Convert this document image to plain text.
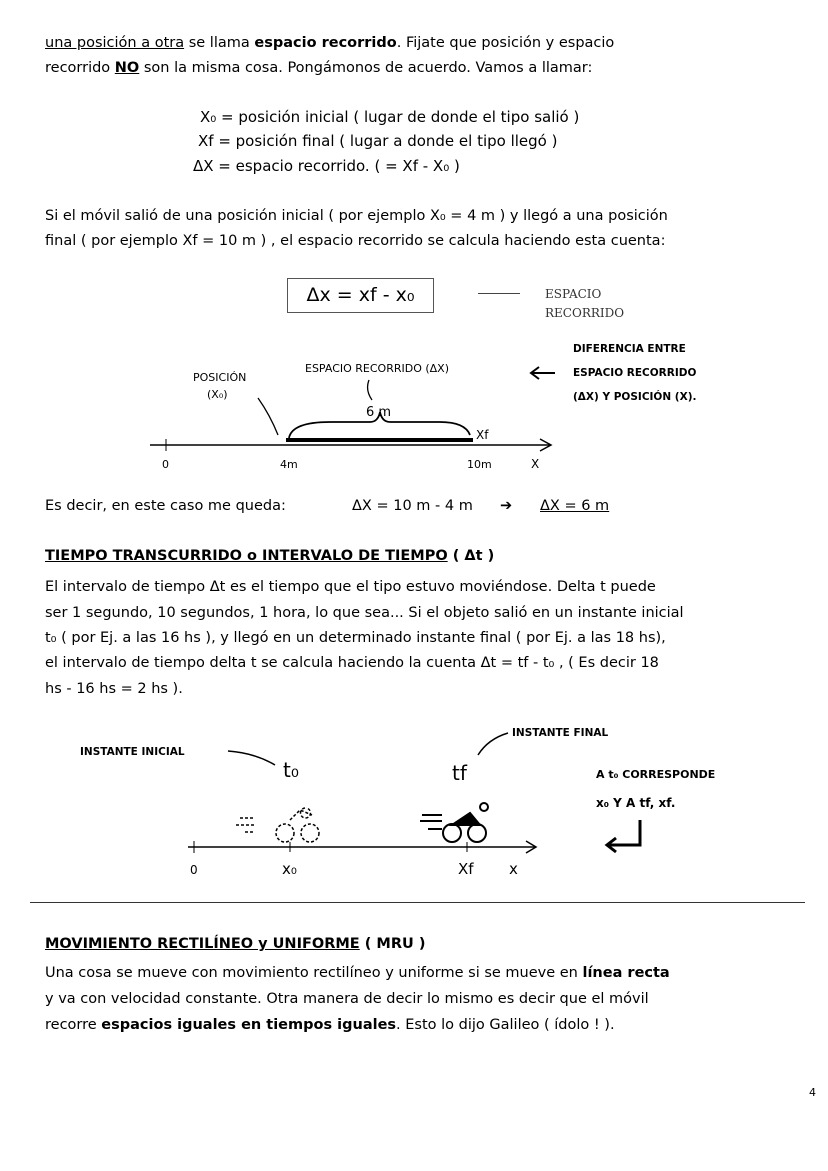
una posición a otra se llama espacio recorrido. Fijate que posición y espacio
recorrido NO son la misma cosa. Pongámonos de acuerdo. Vamos a llamar:
X₀ = posición inicial ( lugar de donde el tipo salió )
Xf = posición final ( lugar a donde el tipo llegó )
ΔX = espacio recorrido. ( = Xf - X₀ )
Si el móvil salió de una posición inicial ( por ejemplo X₀ = 4 m ) y llegó a una posición
final ( por ejemplo Xf = 10 m ) , el espacio recorrido se calcula haciendo esta cuenta:
Δx = xf - x₀	ESPACIO
RECORRIDO
POSICIÓN
(X₀)
ESPACIO RECORRIDO (ΔX)
6 m
Xf
0	4m	10m	X
DIFERENCIA ENTRE
ESPACIO RECORRIDO
(ΔX) Y POSICIÓN (X).
Es decir, en este caso me queda:	ΔX = 10 m - 4 m ➔ ΔX = 6 m
TIEMPO TRANSCURRIDO o INTERVALO DE TIEMPO ( Δt )
El intervalo de tiempo Δt es el tiempo que el tipo estuvo moviéndose. Delta t puede
ser 1 segundo, 10 segundos, 1 hora, lo que sea... Si el objeto salió en un instante inicial
t₀ ( por Ej. a las 16 hs ), y llegó en un determinado instante final ( por Ej. a las 18 hs),
el intervalo de tiempo delta t se calcula haciendo la cuenta Δt = tf - t₀ , ( Es decir 18
hs - 16 hs = 2 hs ).
INSTANTE INICIAL
t₀
INSTANTE FINAL
tf
0	x₀	Xf x
A t₀ CORRESPONDE
x₀ Y A tf, xf.
MOVIMIENTO RECTILÍNEO y UNIFORME ( MRU )
Una cosa se mueve con movimiento rectilíneo y uniforme si se mueve en línea recta
y va con velocidad constante. Otra manera de decir lo mismo es decir que el móvil
recorre espacios iguales en tiempos iguales. Esto lo dijo Galileo ( ídolo ! ).
4
